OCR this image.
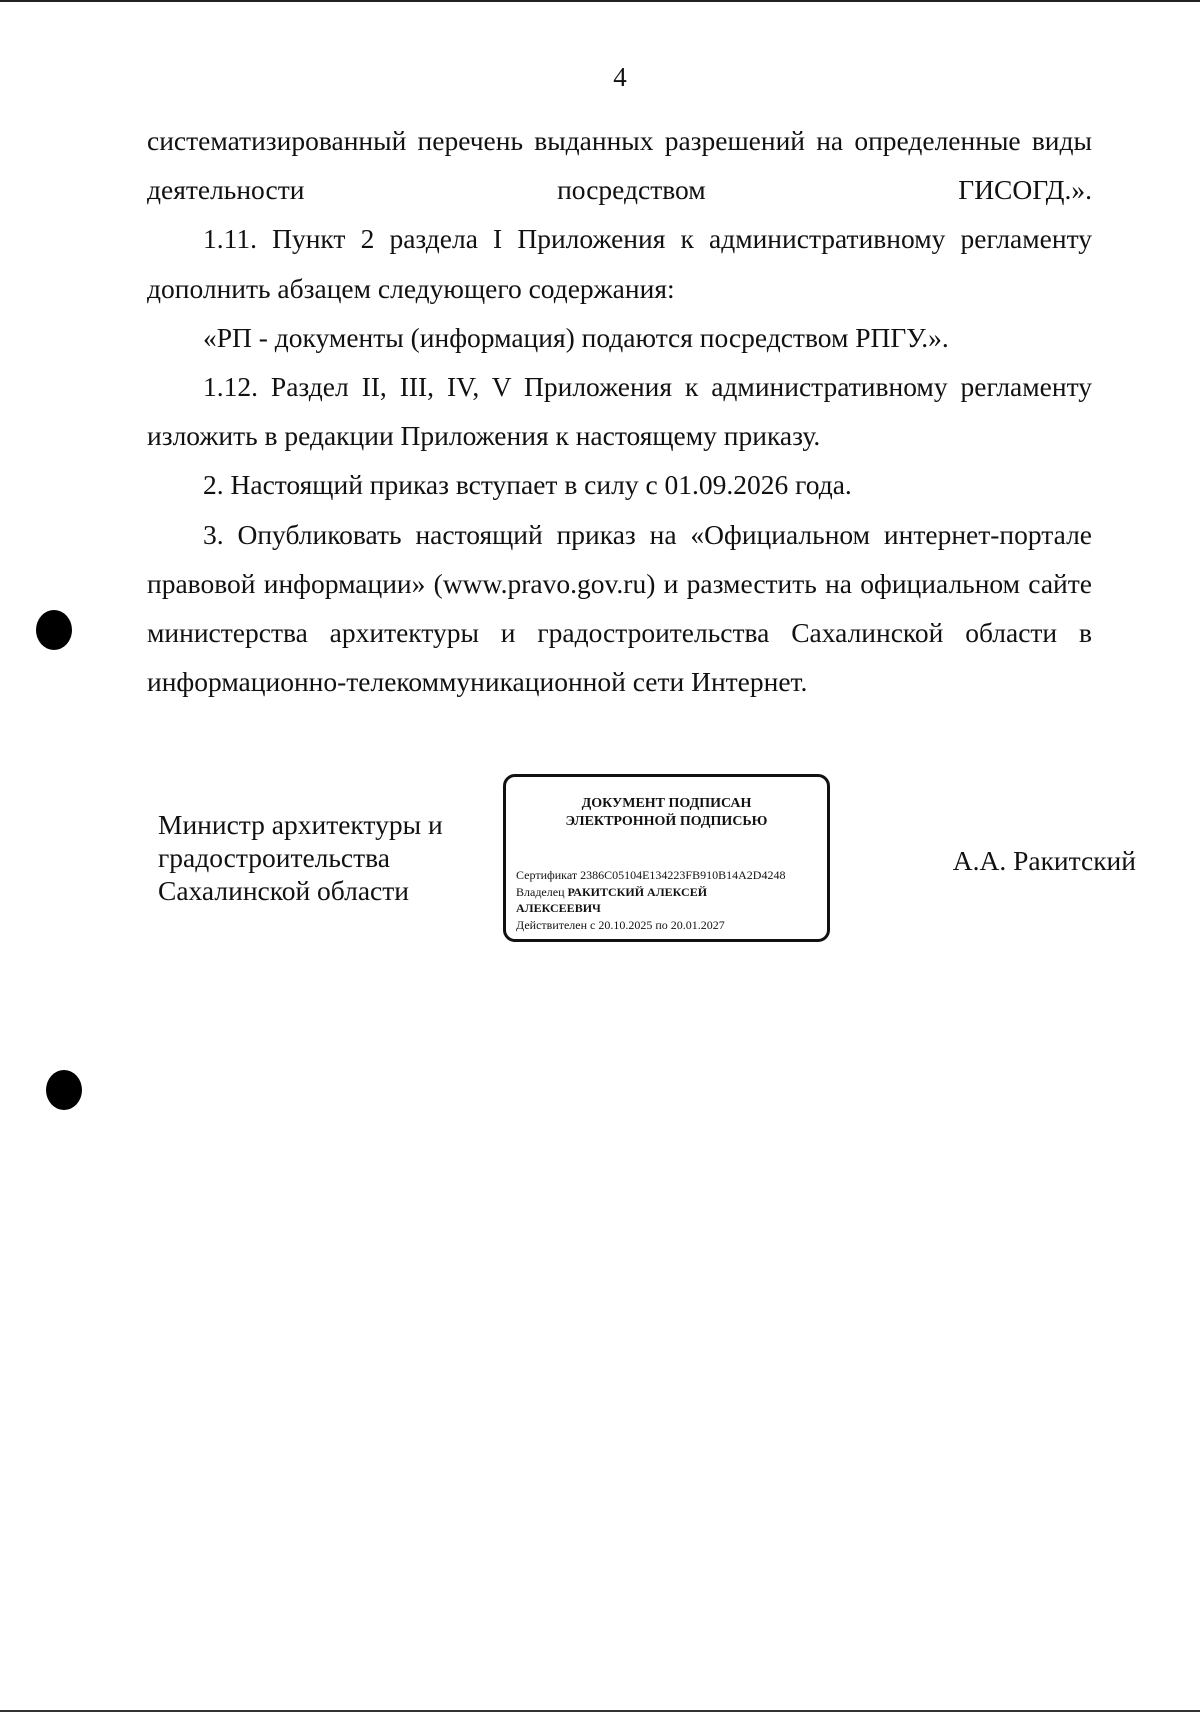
4

систематизированный перечень выданных разрешений на определенные виды деятельности посредством ГИСОГД.».

1.11. Пункт 2 раздела I Приложения к административному регламенту дополнить абзацем следующего содержания:

«РП - документы (информация) подаются посредством РПГУ.».

1.12. Раздел II, III, IV, V Приложения к административному регламенту изложить в редакции Приложения к настоящему приказу.

2. Настоящий приказ вступает в силу с 01.09.2026 года.

3. Опубликовать настоящий приказ на «Официальном интернет-портале правовой информации» (www.pravo.gov.ru) и разместить на официальном сайте министерства архитектуры и градостроительства Сахалинской области в информационно-телекоммуникационной сети Интернет.

Министр архитектуры и
градостроительства
Сахалинской области
ДОКУМЕНТ ПОДПИСАН
ЭЛЕКТРОННОЙ ПОДПИСЬЮ
Сертификат 2386C05104E134223FB910B14A2D4248
Владелец РАКИТСКИЙ АЛЕКСЕЙ
АЛЕКСЕЕВИЧ
Действителен с 20.10.2025 по 20.01.2027
А.А. Ракитский
